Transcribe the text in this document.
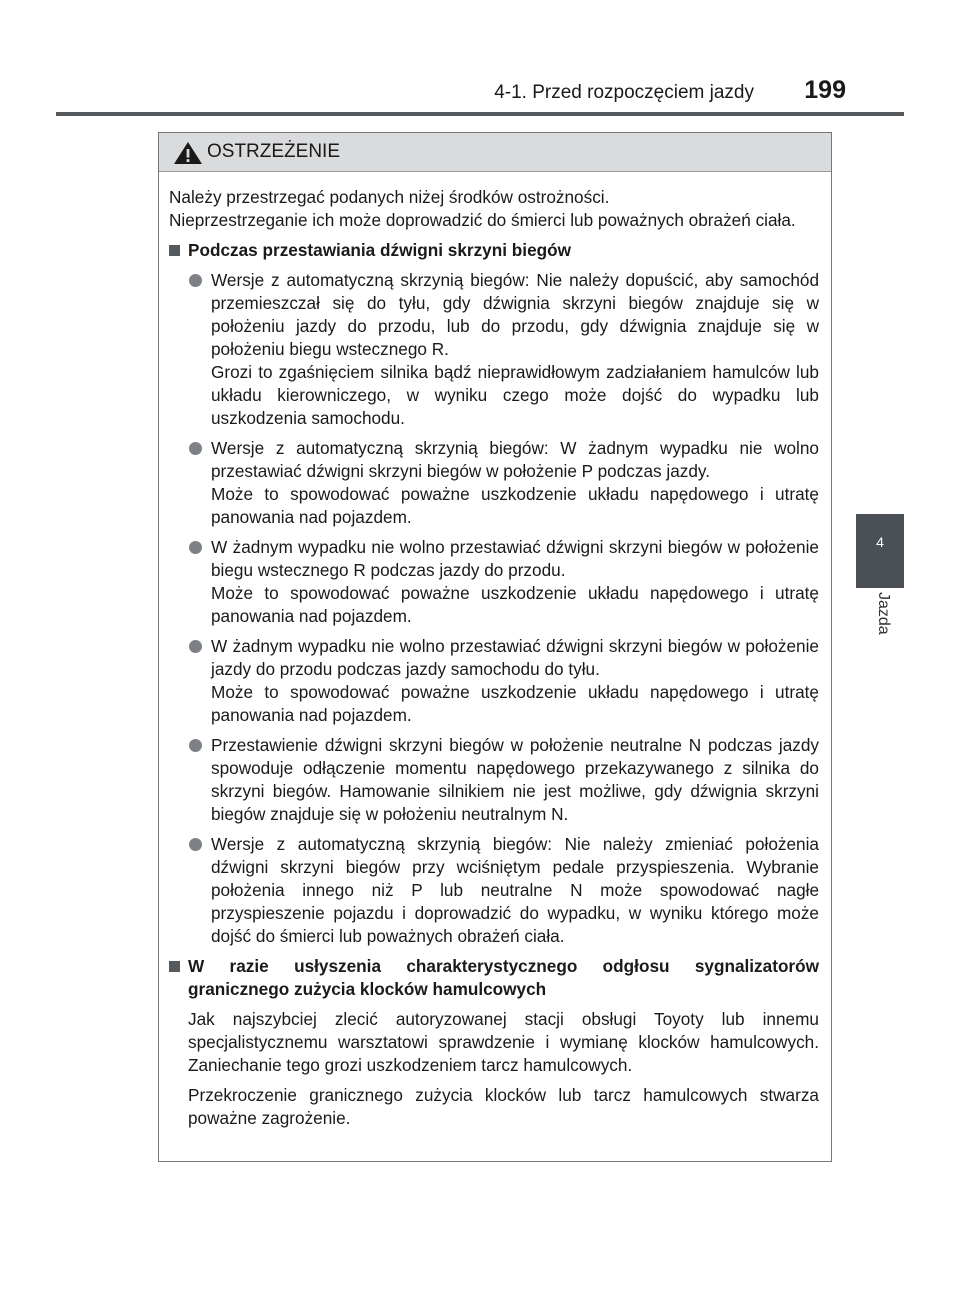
4-1. Przed rozpoczęciem jazdy 199
4
Jazda
OSTRZEŻENIE

Należy przestrzegać podanych niżej środków ostrożności.

Nieprzestrzeganie ich może doprowadzić do śmierci lub poważnych obrażeń ciała.

Podczas przestawiania dźwigni skrzyni biegów

Wersje z automatyczną skrzynią biegów: Nie należy dopuścić, aby samochód przemieszczał się do tyłu, gdy dźwignia skrzyni biegów znajduje się w położeniu jazdy do przodu, lub do przodu, gdy dźwignia znajduje się w położeniu biegu wstecznego R.

Grozi to zgaśnięciem silnika bądź nieprawidłowym zadziałaniem hamulców lub układu kierowniczego, w wyniku czego może dojść do wypadku lub uszkodzenia samochodu.

Wersje z automatyczną skrzynią biegów: W żadnym wypadku nie wolno przestawiać dźwigni skrzyni biegów w położenie P podczas jazdy.

Może to spowodować poważne uszkodzenie układu napędowego i utratę panowania nad pojazdem.

W żadnym wypadku nie wolno przestawiać dźwigni skrzyni biegów w położenie biegu wstecznego R podczas jazdy do przodu.

Może to spowodować poważne uszkodzenie układu napędowego i utratę panowania nad pojazdem.

W żadnym wypadku nie wolno przestawiać dźwigni skrzyni biegów w położenie jazdy do przodu podczas jazdy samochodu do tyłu.

Może to spowodować poważne uszkodzenie układu napędowego i utratę panowania nad pojazdem.

Przestawienie dźwigni skrzyni biegów w położenie neutralne N podczas jazdy spowoduje odłączenie momentu napędowego przekazywanego z silnika do skrzyni biegów. Hamowanie silnikiem nie jest możliwe, gdy dźwignia skrzyni biegów znajduje się w położeniu neutralnym N.

Wersje z automatyczną skrzynią biegów: Nie należy zmieniać położenia dźwigni skrzyni biegów przy wciśniętym pedale przyspieszenia. Wybranie położenia innego niż P lub neutralne N może spowodować nagłe przyspieszenie pojazdu i doprowadzić do wypadku, w wyniku którego może dojść do śmierci lub poważnych obrażeń ciała.

W razie usłyszenia charakterystycznego odgłosu sygnalizatorów granicznego zużycia klocków hamulcowych

Jak najszybciej zlecić autoryzowanej stacji obsługi Toyoty lub innemu specjalistycznemu warsztatowi sprawdzenie i wymianę klocków hamulcowych. Zaniechanie tego grozi uszkodzeniem tarcz hamulcowych.

Przekroczenie granicznego zużycia klocków lub tarcz hamulcowych stwarza poważne zagrożenie.
